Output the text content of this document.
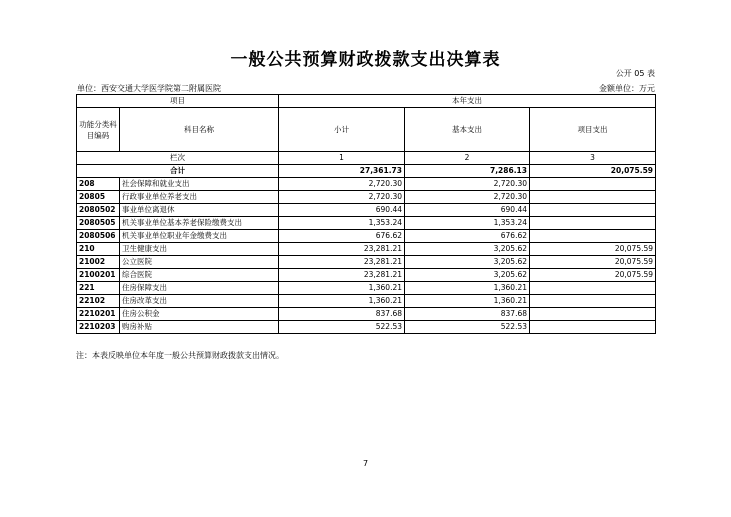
一般公共预算财政拨款支出决算表
公开 05 表
单位：西安交通大学医学院第二附属医院	金额单位：万元
项目		本年支出		
功能分类科目编码	科目名称	小计	基本支出	项目支出
栏次		1	2	3
合计		27,361.73	7,286.13	20,075.59
208	社会保障和就业支出	2,720.30	2,720.30	
20805	行政事业单位养老支出	2,720.30	2,720.30	
2080502	事业单位离退休	690.44	690.44	
2080505	机关事业单位基本养老保险缴费支出	1,353.24	1,353.24	
2080506	机关事业单位职业年金缴费支出	676.62	676.62	
210	卫生健康支出	23,281.21	3,205.62	20,075.59
21002	公立医院	23,281.21	3,205.62	20,075.59
2100201	综合医院	23,281.21	3,205.62	20,075.59
221	住房保障支出	1,360.21	1,360.21	
22102	住房改革支出	1,360.21	1,360.21	
2210201	住房公积金	837.68	837.68	
2210203	购房补贴	522.53	522.53	
注：本表反映单位本年度一般公共预算财政拨款支出情况。
7
